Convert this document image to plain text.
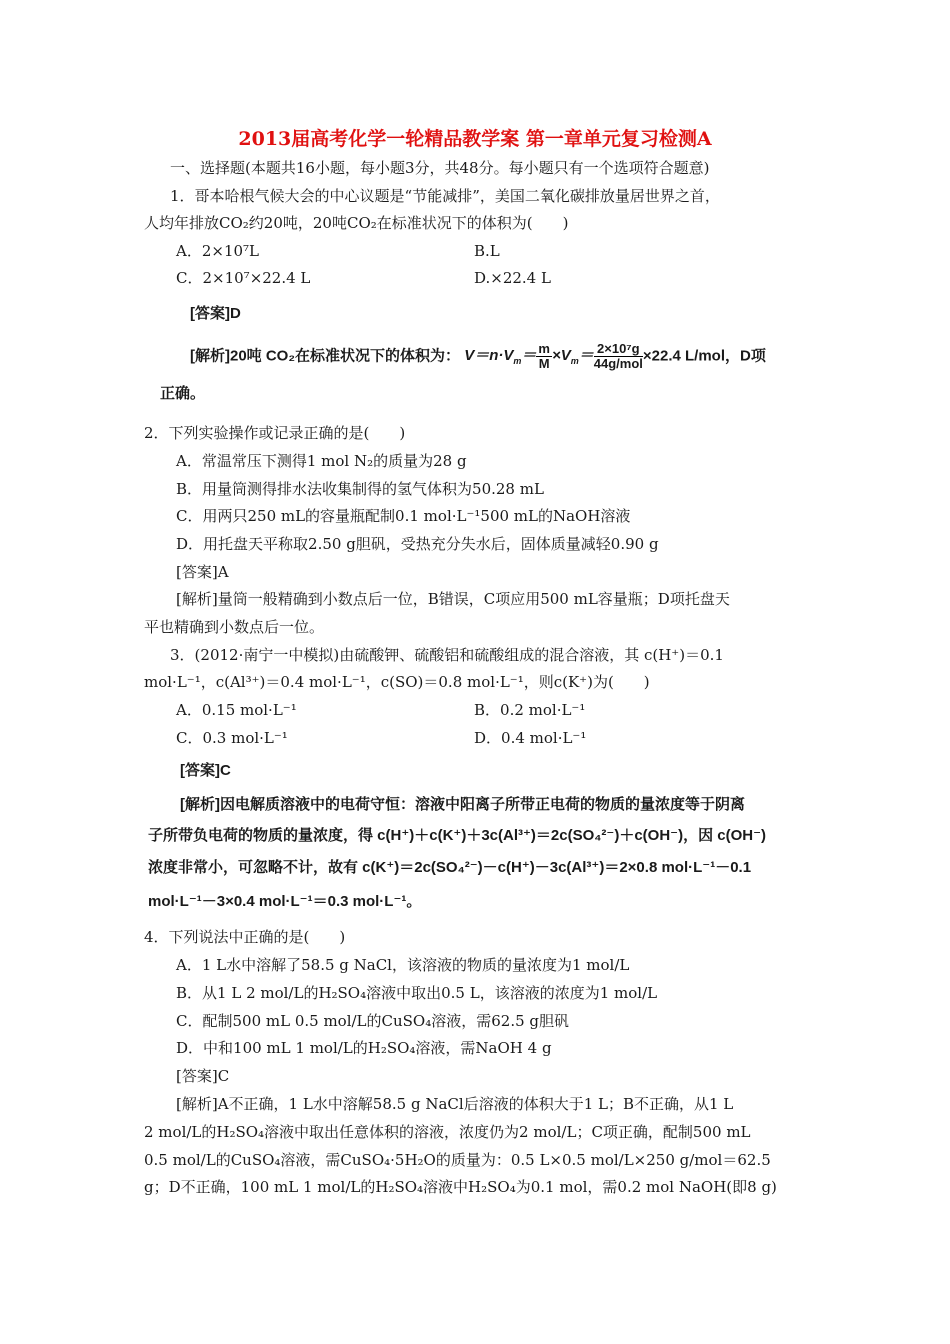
2013届高考化学一轮精品教学案 第一章单元复习检测A
一、选择题(本题共16小题，每小题3分，共48分。每小题只有一个选项符合题意)
1．哥本哈根气候大会的中心议题是“节能减排”，美国二氧化碳排放量居世界之首，
人均年排放CO₂约20吨，20吨CO₂在标准状况下的体积为(　　)
A．2×10⁷L	B.L
C．2×10⁷×22.4 L	D.×22.4 L
[答案]D
[解析]20吨 CO₂在标准状况下的体积为： $V=n\cdot V_m= \frac{m}{M} \times V_m= \frac{\text{2×10⁷g}}{\text{44g/mol}} \times 22.4$ L/mol，D项
正确。
2．下列实验操作或记录正确的是(　　)
A．常温常压下测得1 mol N₂的质量为28 g
B．用量筒测得排水法收集制得的氢气体积为50.28 mL
C．用两只250 mL的容量瓶配制0.1 mol·L⁻¹500 mL的NaOH溶液
D．用托盘天平称取2.50 g胆矾，受热充分失水后，固体质量减轻0.90 g
[答案]A
[解析]量筒一般精确到小数点后一位，B错误，C项应用500 mL容量瓶；D项托盘天
平也精确到小数点后一位。
3．(2012·南宁一中模拟)由硫酸钾、硫酸铝和硫酸组成的混合溶液，其 c(H⁺)＝0.1
mol·L⁻¹，c(Al³⁺)＝0.4 mol·L⁻¹，c(SO)＝0.8 mol·L⁻¹，则c(K⁺)为(　　)
A．0.15 mol·L⁻¹	B．0.2 mol·L⁻¹
C．0.3 mol·L⁻¹	D．0.4 mol·L⁻¹
[答案]C
[解析]因电解质溶液中的电荷守恒：溶液中阳离子所带正电荷的物质的量浓度等于阴离
子所带负电荷的物质的量浓度，得 c(H⁺)＋c(K⁺)＋3c(Al³⁺)＝2c(SO₄²⁻)＋c(OH⁻)，因 c(OH⁻)
浓度非常小，可忽略不计，故有 c(K⁺)＝2c(SO₄²⁻)－c(H⁺)－3c(Al³⁺)＝2×0.8 mol·L⁻¹－0.1
mol·L⁻¹－3×0.4 mol·L⁻¹＝0.3 mol·L⁻¹。
4．下列说法中正确的是(　　)
A．1 L水中溶解了58.5 g NaCl，该溶液的物质的量浓度为1 mol/L
B．从1 L 2 mol/L的H₂SO₄溶液中取出0.5 L，该溶液的浓度为1 mol/L
C．配制500 mL 0.5 mol/L的CuSO₄溶液，需62.5 g胆矾
D．中和100 mL 1 mol/L的H₂SO₄溶液，需NaOH 4 g
[答案]C
[解析]A不正确，1 L水中溶解58.5 g NaCl后溶液的体积大于1 L；B不正确，从1 L
2 mol/L的H₂SO₄溶液中取出任意体积的溶液，浓度仍为2 mol/L；C项正确，配制500 mL
0.5 mol/L的CuSO₄溶液，需CuSO₄·5H₂O的质量为：0.5 L×0.5 mol/L×250 g/mol＝62.5
g；D不正确，100 mL 1 mol/L的H₂SO₄溶液中H₂SO₄为0.1 mol，需0.2 mol NaOH(即8 g)
